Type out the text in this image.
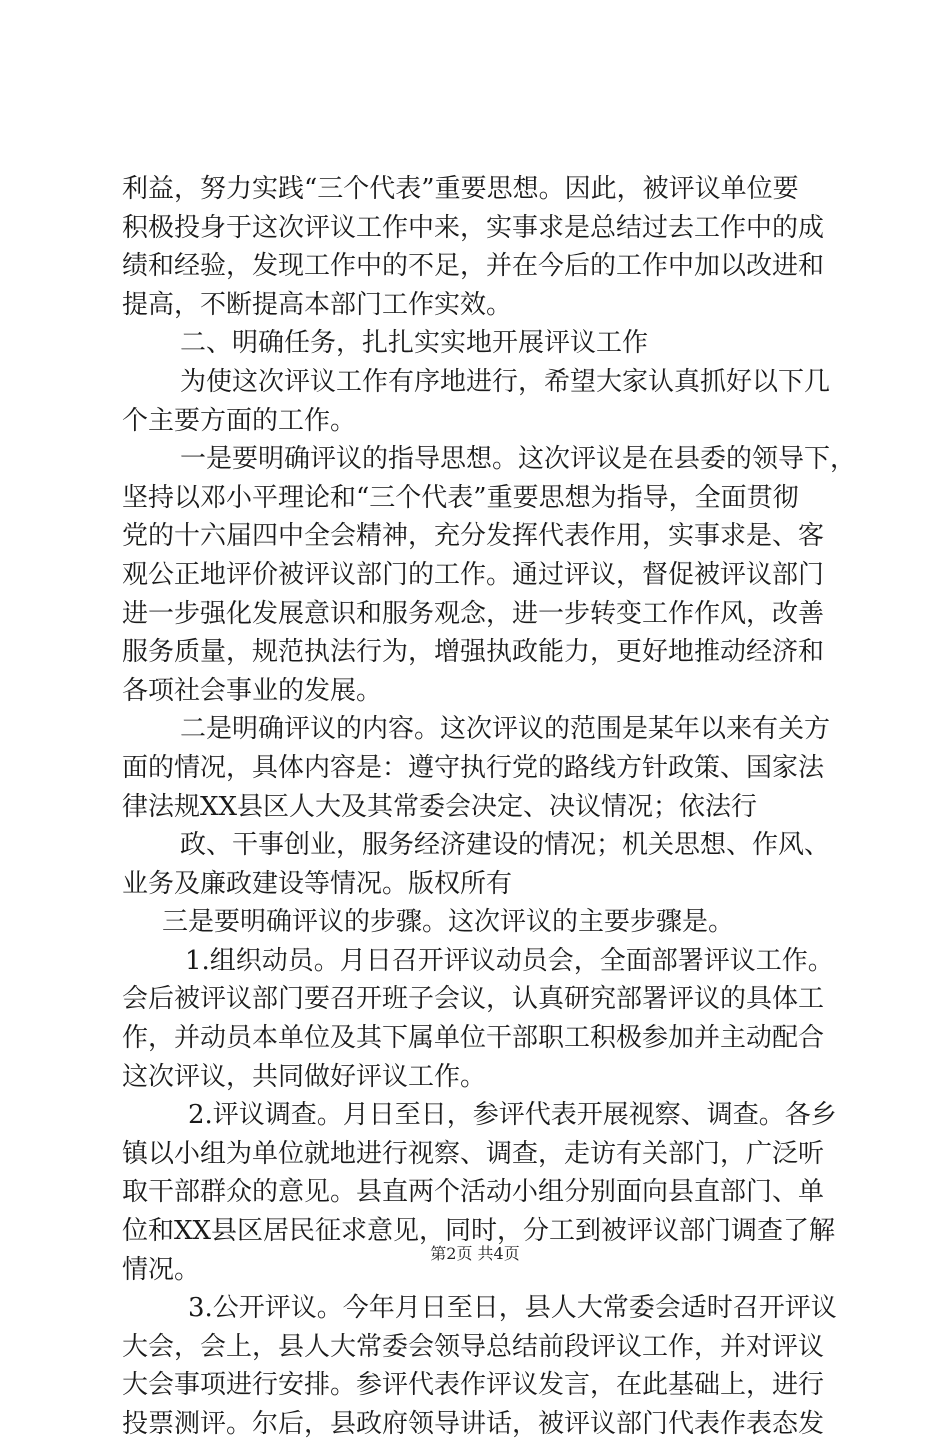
利益，努力实践“三个代表”重要思想。因此，被评议单位要
积极投身于这次评议工作中来，实事求是总结过去工作中的成
绩和经验，发现工作中的不足，并在今后的工作中加以改进和
提高，不断提高本部门工作实效。
二、明确任务，扎扎实实地开展评议工作
为使这次评议工作有序地进行，希望大家认真抓好以下几
个主要方面的工作。
一是要明确评议的指导思想。这次评议是在县委的领导下，
坚持以邓小平理论和“三个代表”重要思想为指导，全面贯彻
党的十六届四中全会精神，充分发挥代表作用，实事求是、客
观公正地评价被评议部门的工作。通过评议，督促被评议部门
进一步强化发展意识和服务观念，进一步转变工作作风，改善
服务质量，规范执法行为，增强执政能力，更好地推动经济和
各项社会事业的发展。
二是明确评议的内容。这次评议的范围是某年以来有关方
面的情况，具体内容是：遵守执行党的路线方针政策、国家法
律法规XX县区人大及其常委会决定、决议情况；依法行
政、干事创业，服务经济建设的情况；机关思想、作风、
业务及廉政建设等情况。版权所有
三是要明确评议的步骤。这次评议的主要步骤是。
1.组织动员。月日召开评议动员会，全面部署评议工作。
会后被评议部门要召开班子会议，认真研究部署评议的具体工
作，并动员本单位及其下属单位干部职工积极参加并主动配合
这次评议，共同做好评议工作。
2.评议调查。月日至日，参评代表开展视察、调查。各乡
镇以小组为单位就地进行视察、调查，走访有关部门，广泛听
取干部群众的意见。县直两个活动小组分别面向县直部门、单
位和XX县区居民征求意见，同时，分工到被评议部门调查了解
情况。
3.公开评议。今年月日至日，县人大常委会适时召开评议
大会，会上，县人大常委会领导总结前段评议工作，并对评议
大会事项进行安排。参评代表作评议发言，在此基础上，进行
投票测评。尔后，县政府领导讲话，被评议部门代表作表态发
第2页 共4页
